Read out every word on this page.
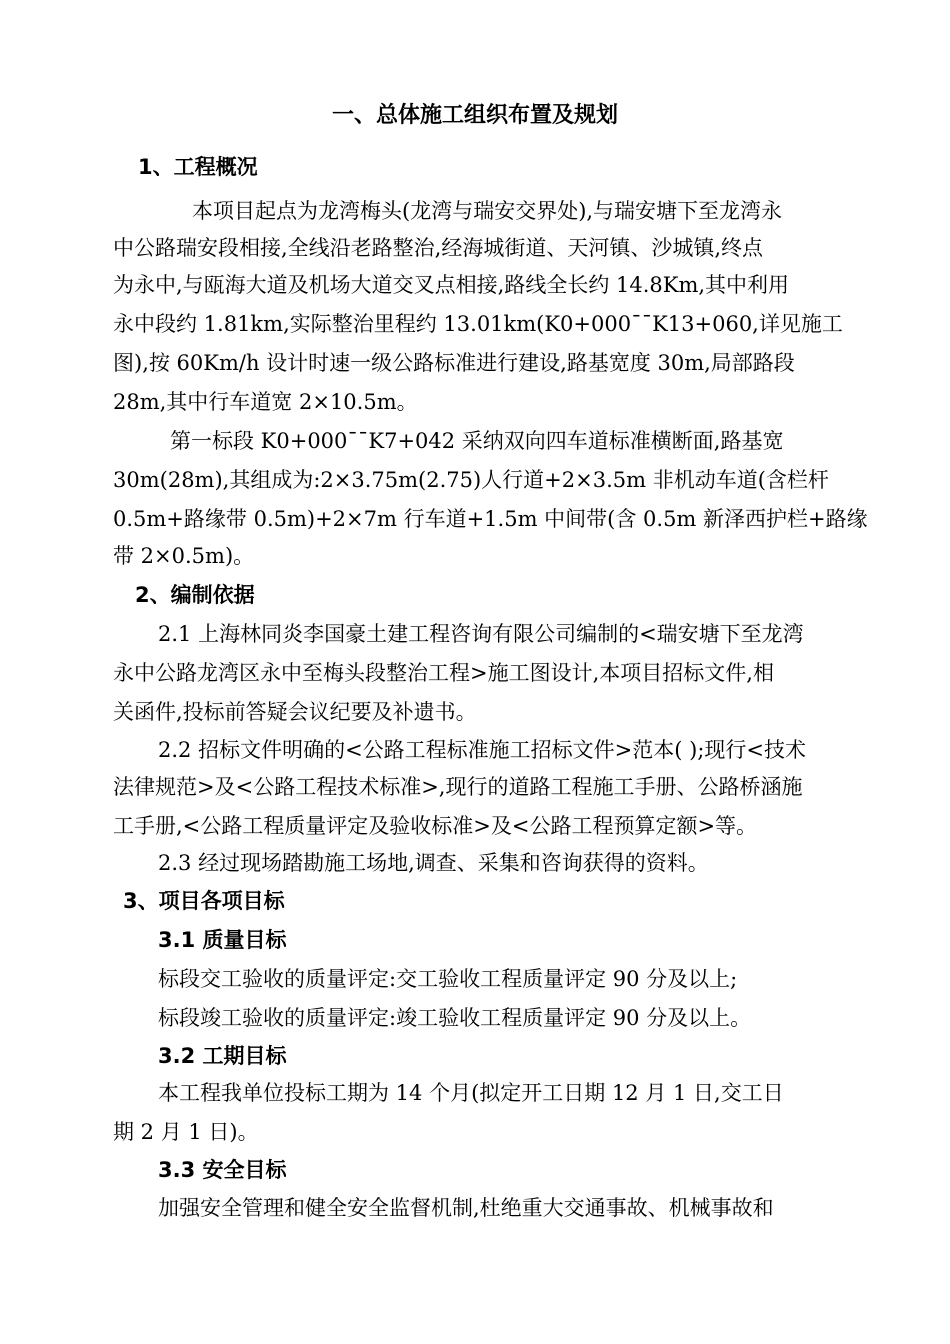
一、总体施工组织布置及规划
1、工程概况
本项目起点为龙湾梅头(龙湾与瑞安交界处),与瑞安塘下至龙湾永
中公路瑞安段相接,全线沿老路整治,经海城街道、天河镇、沙城镇,终点
为永中,与瓯海大道及机场大道交叉点相接,路线全长约 14.8Km,其中利用
永中段约 1.81km,实际整治里程约 13.01km(K0+000¯¯K13+060,详见施工
图),按 60Km/h 设计时速一级公路标准进行建设,路基宽度 30m,局部路段
28m,其中行车道宽 2×10.5m。
第一标段 K0+000¯¯K7+042 采纳双向四车道标准横断面,路基宽
30m(28m),其组成为:2×3.75m(2.75)人行道+2×3.5m 非机动车道(含栏杆
0.5m+路缘带 0.5m)+2×7m 行车道+1.5m 中间带(含 0.5m 新泽西护栏+路缘
带 2×0.5m)。
2、编制依据
2.1 上海林同炎李国豪土建工程咨询有限公司编制的<瑞安塘下至龙湾
永中公路龙湾区永中至梅头段整治工程>施工图设计,本项目招标文件,相
关函件,投标前答疑会议纪要及补遗书。
2.2 招标文件明确的<公路工程标准施工招标文件>范本( );现行<技术
法律规范>及<公路工程技术标准>,现行的道路工程施工手册、公路桥涵施
工手册,<公路工程质量评定及验收标准>及<公路工程预算定额>等。
2.3 经过现场踏勘施工场地,调查、采集和咨询获得的资料。
3、项目各项目标
3.1 质量目标
标段交工验收的质量评定:交工验收工程质量评定 90 分及以上;
标段竣工验收的质量评定:竣工验收工程质量评定 90 分及以上。
3.2 工期目标
本工程我单位投标工期为 14 个月(拟定开工日期 12 月 1 日,交工日
期 2 月 1 日)。
3.3 安全目标
加强安全管理和健全安全监督机制,杜绝重大交通事故、机械事故和
